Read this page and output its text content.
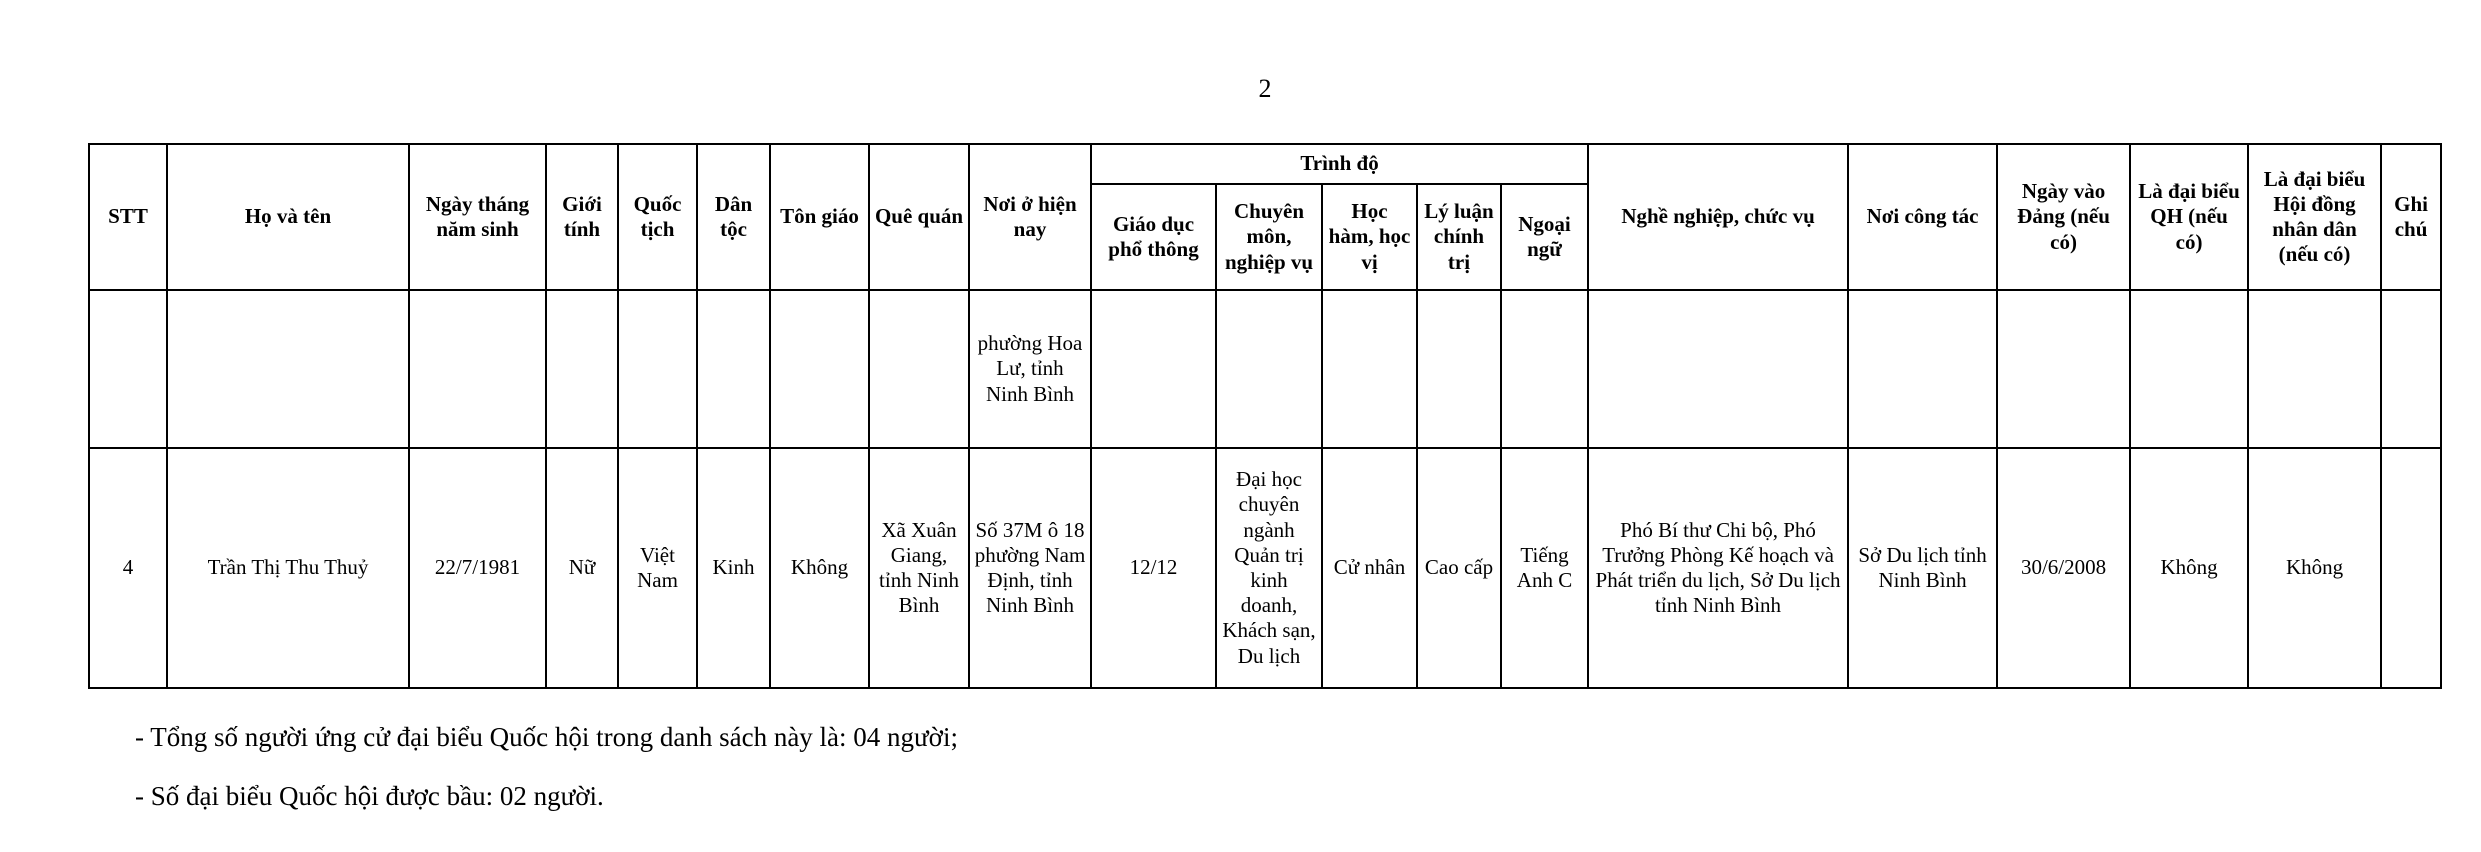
2
STT	Họ và tên	Ngày tháng năm sinh	Giới tính	Quốc tịch	Dân tộc	Tôn giáo	Quê quán	Nơi ở hiện nay	Trình độ					Nghề nghiệp, chức vụ	Nơi công tác	Ngày vào Đảng (nếu có)	Là đại biểu QH (nếu có)	Là đại biểu Hội đồng nhân dân (nếu có)	Ghi chú
									Giáo dục phổ thông	Chuyên môn, nghiệp vụ	Học hàm, học vị	Lý luận chính trị	Ngoại ngữ						
								phường Hoa Lư, tỉnh Ninh Bình											
4	Trần Thị Thu Thuỷ	22/7/1981	Nữ	Việt Nam	Kinh	Không	Xã Xuân Giang, tỉnh Ninh Bình	Số 37M ô 18 phường Nam Định, tỉnh Ninh Bình	12/12	Đại học chuyên ngành Quản trị kinh doanh, Khách sạn, Du lịch	Cử nhân	Cao cấp	Tiếng Anh C	Phó Bí thư Chi bộ, Phó Trưởng Phòng Kế hoạch và Phát triển du lịch, Sở Du lịch tỉnh Ninh Bình	Sở Du lịch tỉnh Ninh Bình	30/6/2008	Không	Không	

- Tổng số người ứng cử đại biểu Quốc hội trong danh sách này là: 04 người;

- Số đại biểu Quốc hội được bầu: 02 người.
